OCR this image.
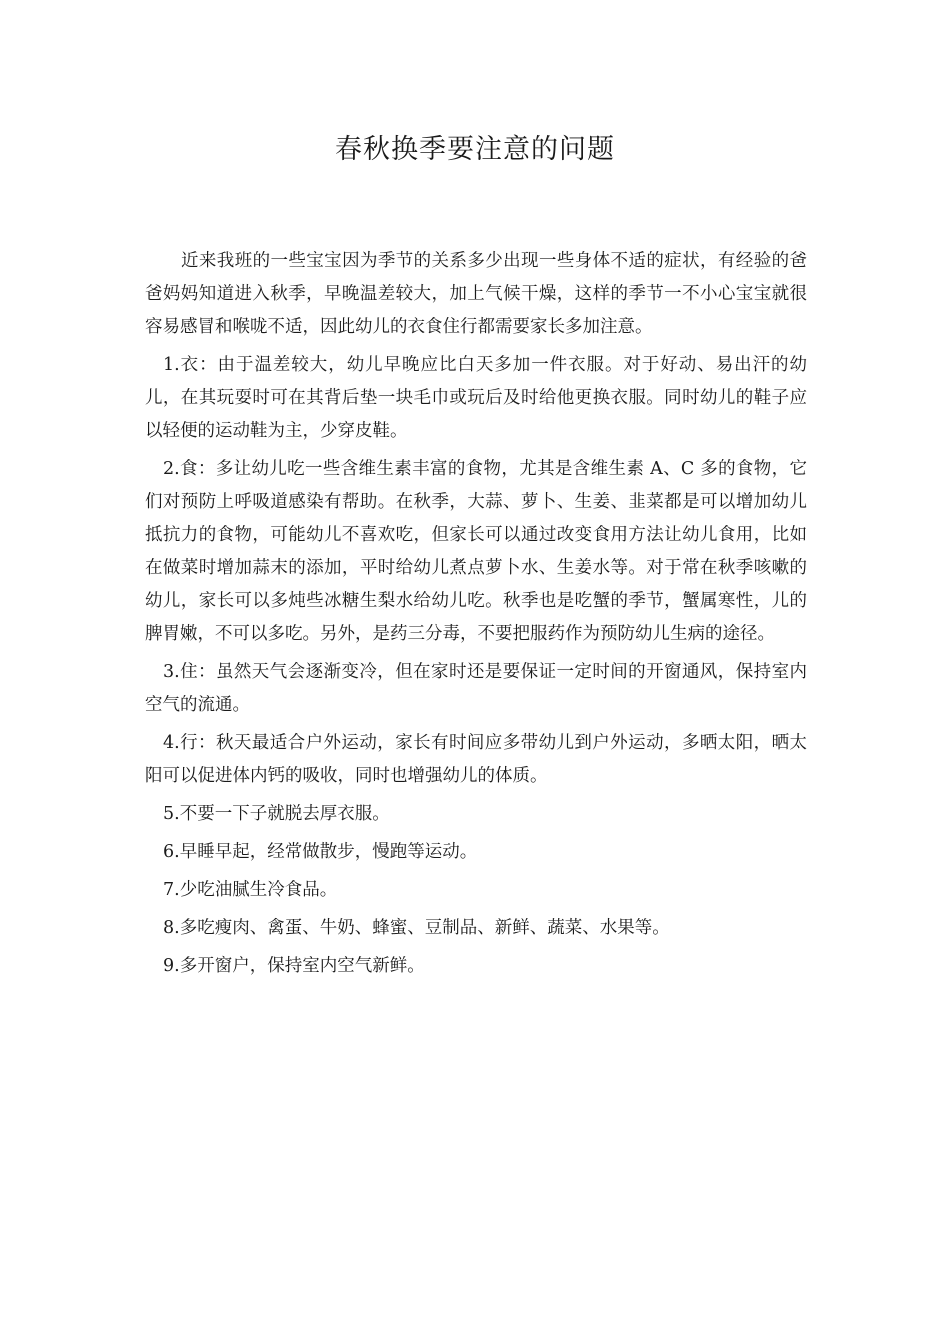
春秋换季要注意的问题

近来我班的一些宝宝因为季节的关系多少出现一些身体不适的症状，有经验的爸爸妈妈知道进入秋季，早晚温差较大，加上气候干燥，这样的季节一不小心宝宝就很容易感冒和喉咙不适，因此幼儿的衣食住行都需要家长多加注意。

1.衣：由于温差较大，幼儿早晚应比白天多加一件衣服。对于好动、易出汗的幼儿，在其玩耍时可在其背后垫一块毛巾或玩后及时给他更换衣服。同时幼儿的鞋子应以轻便的运动鞋为主，少穿皮鞋。

2.食：多让幼儿吃一些含维生素丰富的食物，尤其是含维生素 A、C 多的食物，它们对预防上呼吸道感染有帮助。在秋季，大蒜、萝卜、生姜、韭菜都是可以增加幼儿抵抗力的食物，可能幼儿不喜欢吃，但家长可以通过改变食用方法让幼儿食用，比如在做菜时增加蒜末的添加，平时给幼儿煮点萝卜水、生姜水等。对于常在秋季咳嗽的幼儿，家长可以多炖些冰糖生梨水给幼儿吃。秋季也是吃蟹的季节，蟹属寒性，儿的脾胃嫩，不可以多吃。另外，是药三分毒，不要把服药作为预防幼儿生病的途径。

3.住：虽然天气会逐渐变冷，但在家时还是要保证一定时间的开窗通风，保持室内空气的流通。

4.行：秋天最适合户外运动，家长有时间应多带幼儿到户外运动，多晒太阳，晒太阳可以促进体内钙的吸收，同时也增强幼儿的体质。

5.不要一下子就脱去厚衣服。

6.早睡早起，经常做散步，慢跑等运动。

7.少吃油腻生冷食品。

8.多吃瘦肉、禽蛋、牛奶、蜂蜜、豆制品、新鲜、蔬菜、水果等。

9.多开窗户，保持室内空气新鲜。
